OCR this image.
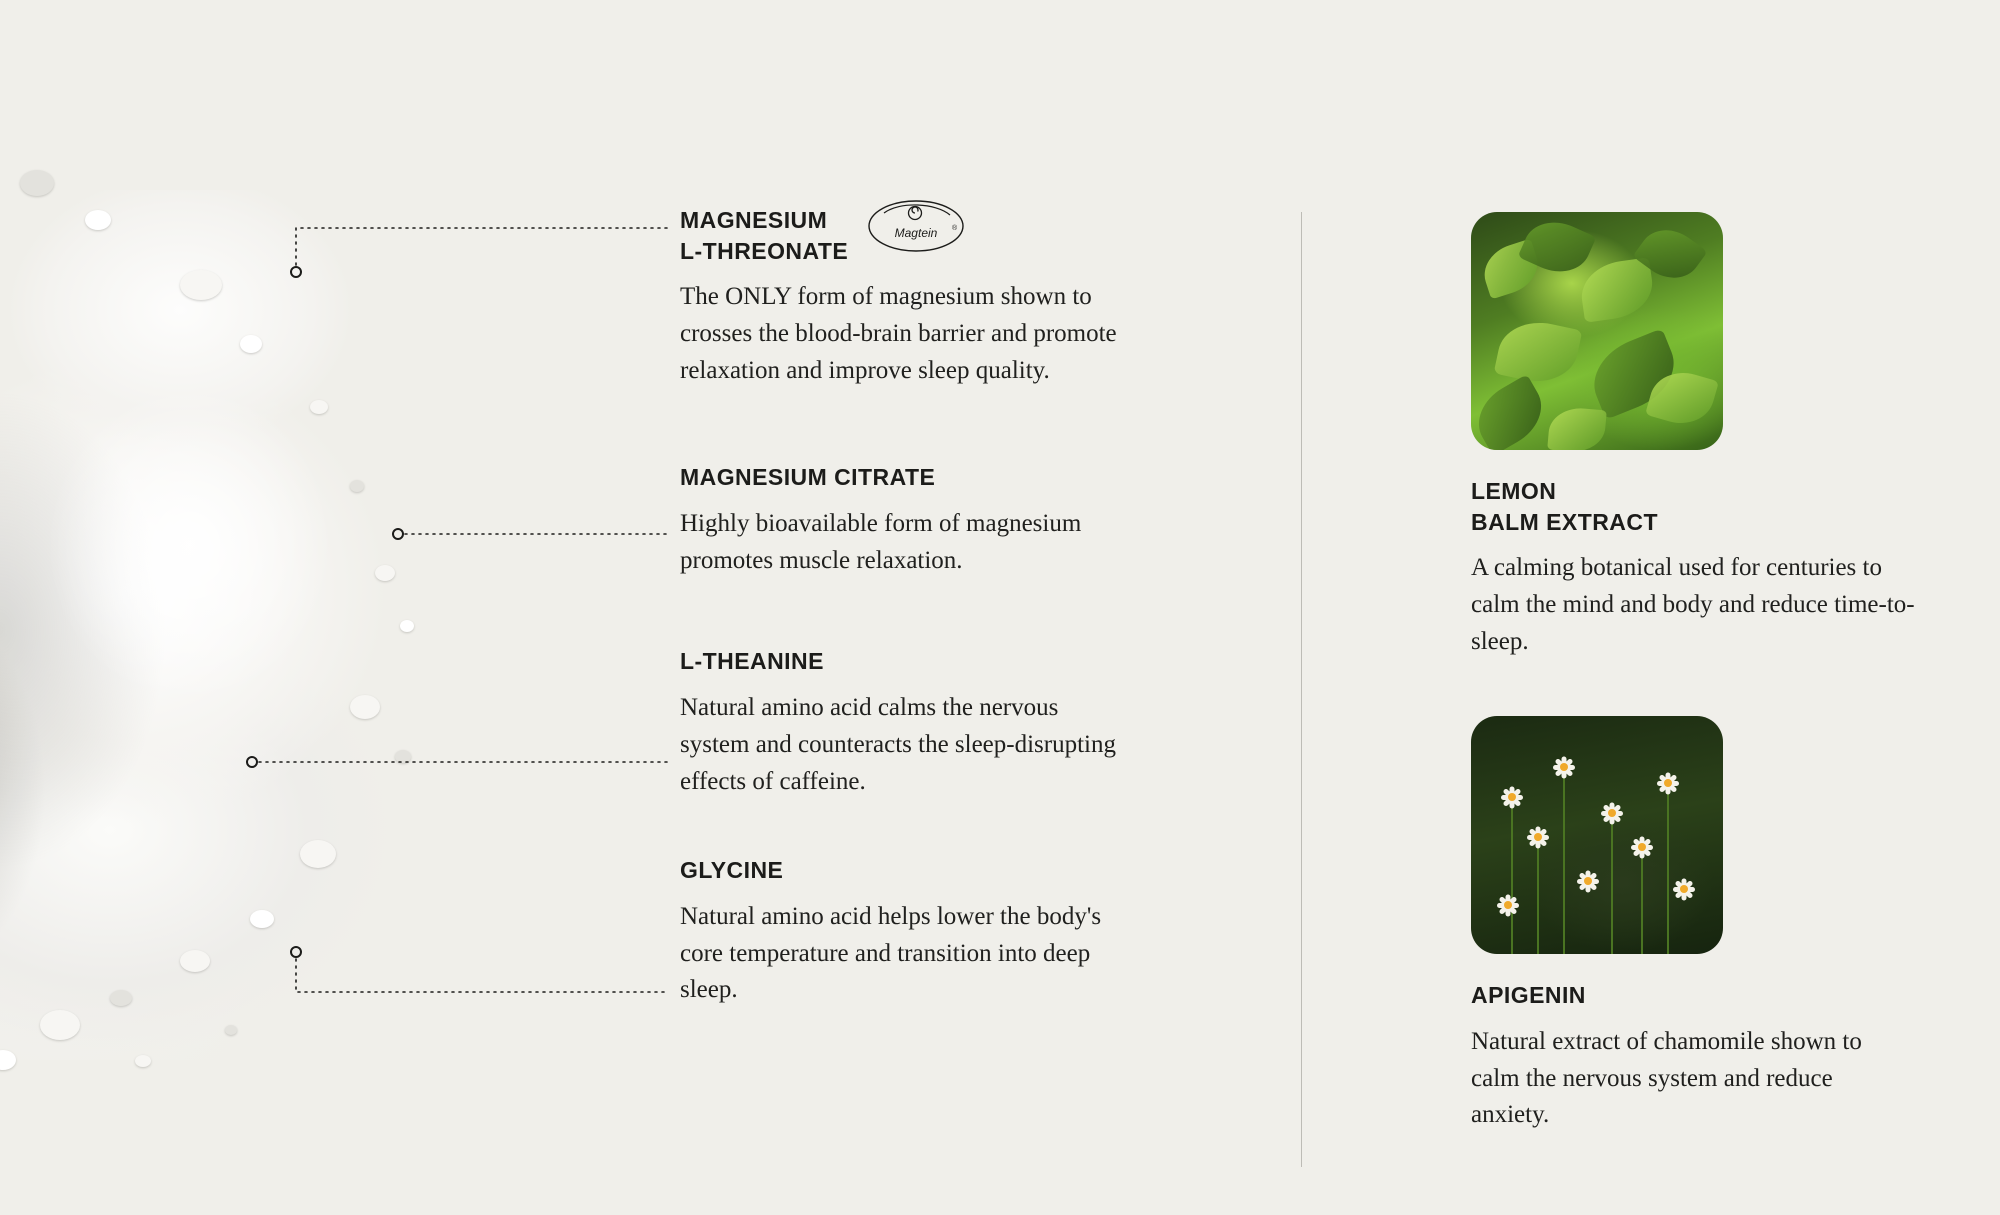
MAGNESIUM
L-THREONATE
Magtein ®
The ONLY form of magnesium shown to crosses the blood-brain barrier and promote relaxation and improve sleep quality.
MAGNESIUM CITRATE
Highly bioavailable form of magnesium promotes muscle relaxation.
L-THEANINE
Natural amino acid calms the nervous system and counteracts the sleep-disrupting effects of caffeine.
GLYCINE
Natural amino acid helps lower the body's core temperature and transition into deep sleep.
LEMON
BALM EXTRACT
A calming botanical used for centuries to calm the mind and body and reduce time-to-sleep.
APIGENIN
Natural extract of chamomile shown to calm the nervous system and reduce anxiety.
